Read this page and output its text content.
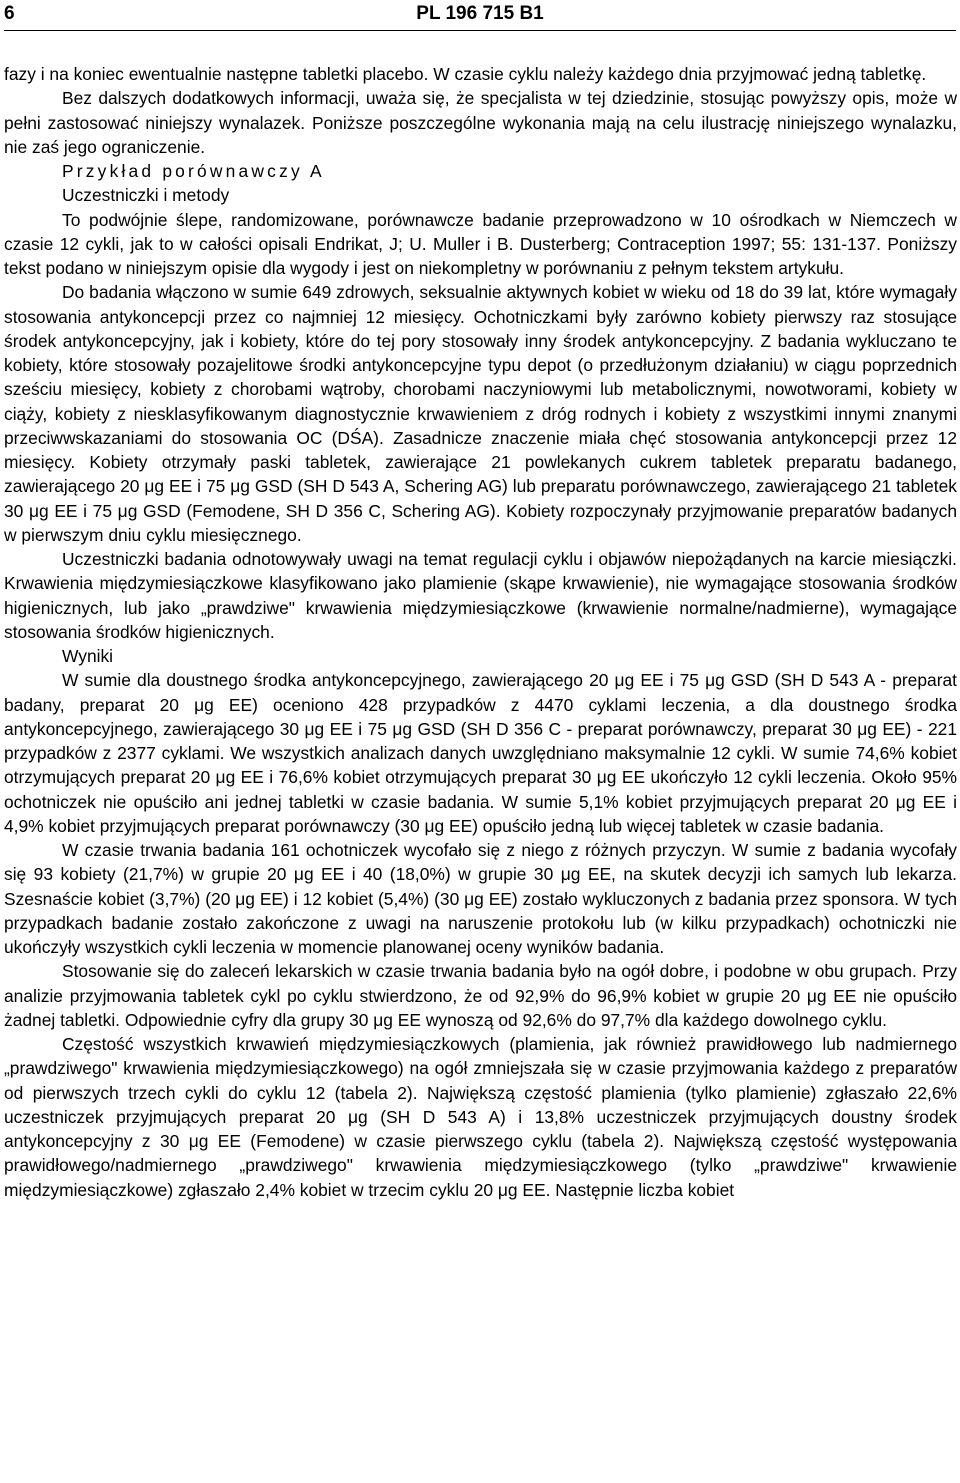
6	PL 196 715 B1

fazy i na koniec ewentualnie następne tabletki placebo. W czasie cyklu należy każdego dnia przyjmować jedną tabletkę.

Bez dalszych dodatkowych informacji, uważa się, że specjalista w tej dziedzinie, stosując powyższy opis, może w pełni zastosować niniejszy wynalazek. Poniższe poszczególne wykonania mają na celu ilustrację niniejszego wynalazku, nie zaś jego ograniczenie.

Przykład porównawczy A

Uczestniczki i metody

To podwójnie ślepe, randomizowane, porównawcze badanie przeprowadzono w 10 ośrodkach w Niemczech w czasie 12 cykli, jak to w całości opisali Endrikat, J; U. Muller i B. Dusterberg; Contraception 1997; 55: 131-137. Poniższy tekst podano w niniejszym opisie dla wygody i jest on niekompletny w porównaniu z pełnym tekstem artykułu.

Do badania włączono w sumie 649 zdrowych, seksualnie aktywnych kobiet w wieku od 18 do 39 lat, które wymagały stosowania antykoncepcji przez co najmniej 12 miesięcy. Ochotniczkami były zarówno kobiety pierwszy raz stosujące środek antykoncepcyjny, jak i kobiety, które do tej pory stosowały inny środek antykoncepcyjny. Z badania wykluczano te kobiety, które stosowały pozajelitowe środki antykoncepcyjne typu depot (o przedłużonym działaniu) w ciągu poprzednich sześciu miesięcy, kobiety z chorobami wątroby, chorobami naczyniowymi lub metabolicznymi, nowotworami, kobiety w ciąży, kobiety z niesklasyfikowanym diagnostycznie krwawieniem z dróg rodnych i kobiety z wszystkimi innymi znanymi przeciwwskazaniami do stosowania OC (DŚA). Zasadnicze znaczenie miała chęć stosowania antykoncepcji przez 12 miesięcy. Kobiety otrzymały paski tabletek, zawierające 21 powlekanych cukrem tabletek preparatu badanego, zawierającego 20 μg EE i 75 μg GSD (SH D 543 A, Schering AG) lub preparatu porównawczego, zawierającego 21 tabletek 30 μg EE i 75 μg GSD (Femodene, SH D 356 C, Schering AG). Kobiety rozpoczynały przyjmowanie preparatów badanych w pierwszym dniu cyklu miesięcznego.

Uczestniczki badania odnotowywały uwagi na temat regulacji cyklu i objawów niepożądanych na karcie miesiączki. Krwawienia międzymiesiączkowe klasyfikowano jako plamienie (skąpe krwawienie), nie wymagające stosowania środków higienicznych, lub jako „prawdziwe" krwawienia międzymiesiączkowe (krwawienie normalne/nadmierne), wymagające stosowania środków higienicznych.

Wyniki

W sumie dla doustnego środka antykoncepcyjnego, zawierającego 20 μg EE i 75 μg GSD (SH D 543 A - preparat badany, preparat 20 μg EE) oceniono 428 przypadków z 4470 cyklami leczenia, a dla doustnego środka antykoncepcyjnego, zawierającego 30 μg EE i 75 μg GSD (SH D 356 C - preparat porównawczy, preparat 30 μg EE) - 221 przypadków z 2377 cyklami. We wszystkich analizach danych uwzględniano maksymalnie 12 cykli. W sumie 74,6% kobiet otrzymujących preparat 20 μg EE i 76,6% kobiet otrzymujących preparat 30 μg EE ukończyło 12 cykli leczenia. Około 95% ochotniczek nie opuściło ani jednej tabletki w czasie badania. W sumie 5,1% kobiet przyjmujących preparat 20 μg EE i 4,9% kobiet przyjmujących preparat porównawczy (30 μg EE) opuściło jedną lub więcej tabletek w czasie badania.

W czasie trwania badania 161 ochotniczek wycofało się z niego z różnych przyczyn. W sumie z badania wycofały się 93 kobiety (21,7%) w grupie 20 μg EE i 40 (18,0%) w grupie 30 μg EE, na skutek decyzji ich samych lub lekarza. Szesnaście kobiet (3,7%) (20 μg EE) i 12 kobiet (5,4%) (30 μg EE) zostało wykluczonych z badania przez sponsora. W tych przypadkach badanie zostało zakończone z uwagi na naruszenie protokołu lub (w kilku przypadkach) ochotniczki nie ukończyły wszystkich cykli leczenia w momencie planowanej oceny wyników badania.

Stosowanie się do zaleceń lekarskich w czasie trwania badania było na ogół dobre, i podobne w obu grupach. Przy analizie przyjmowania tabletek cykl po cyklu stwierdzono, że od 92,9% do 96,9% kobiet w grupie 20 μg EE nie opuściło żadnej tabletki. Odpowiednie cyfry dla grupy 30 μg EE wynoszą od 92,6% do 97,7% dla każdego dowolnego cyklu.

Częstość wszystkich krwawień międzymiesiączkowych (plamienia, jak również prawidłowego lub nadmiernego „prawdziwego" krwawienia międzymiesiączkowego) na ogół zmniejszała się w czasie przyjmowania każdego z preparatów od pierwszych trzech cykli do cyklu 12 (tabela 2). Największą częstość plamienia (tylko plamienie) zgłaszało 22,6% uczestniczek przyjmujących preparat 20 μg (SH D 543 A) i 13,8% uczestniczek przyjmujących doustny środek antykoncepcyjny z 30 μg EE (Femodene) w czasie pierwszego cyklu (tabela 2). Największą częstość występowania prawidłowego/nadmiernego „prawdziwego" krwawienia międzymiesiączkowego (tylko „prawdziwe" krwawienie międzymiesiączkowe) zgłaszało 2,4% kobiet w trzecim cyklu 20 μg EE. Następnie liczba kobiet
